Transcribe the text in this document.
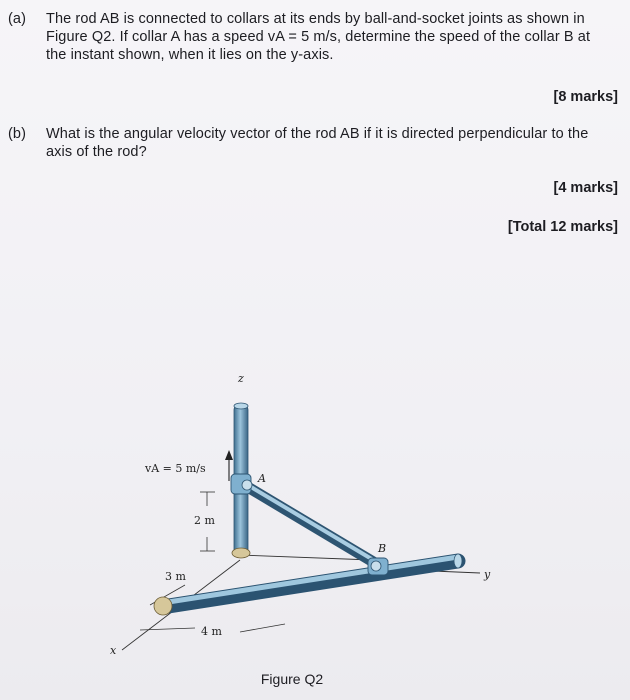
(a) The rod AB is connected to collars at its ends by ball-and-socket joints as shown in Figure Q2. If collar A has a speed vA = 5 m/s, determine the speed of the collar B at the instant shown, when it lies on the y-axis.
[8 marks]
(b) What is the angular velocity vector of the rod AB if it is directed perpendicular to the axis of the rod?
[4 marks]
[Total 12 marks]
z
y
x
vA = 5 m/s
A
B
2 m
3 m
4 m
Figure Q2
